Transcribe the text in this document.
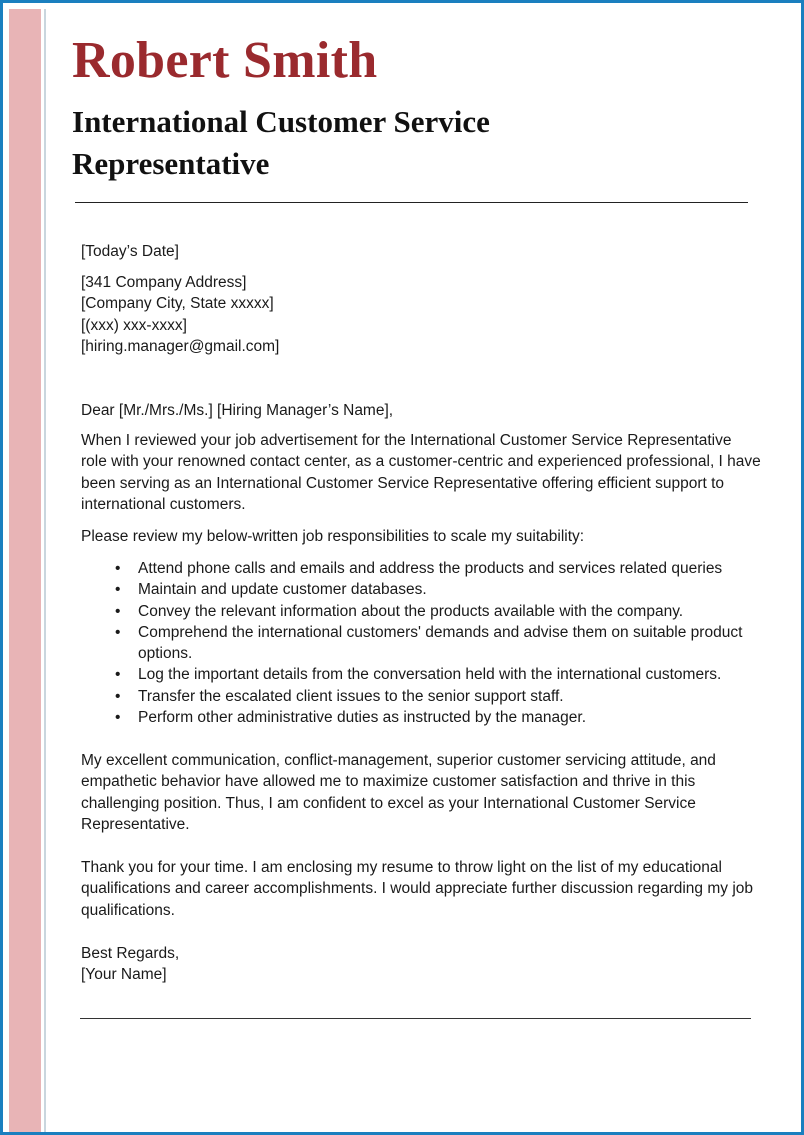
Robert Smith
International Customer Service Representative
[Today’s Date]

[341 Company Address]

[Company City, State xxxxx]

[(xxx) xxx-xxxx]

[hiring.manager@gmail.com]

Dear [Mr./Mrs./Ms.] [Hiring Manager’s Name],
When I reviewed your job advertisement for the International Customer Service Representative role with your renowned contact center, as a customer-centric and experienced professional, I have been serving as an International Customer Service Representative offering efficient support to international customers.
Please review my below-written job responsibilities to scale my suitability:
• Attend phone calls and emails and address the products and services related queries
• Maintain and update customer databases.
• Convey the relevant information about the products available with the company.
• Comprehend the international customers' demands and advise them on suitable product options.
• Log the important details from the conversation held with the international customers.
• Transfer the escalated client issues to the senior support staff.
• Perform other administrative duties as instructed by the manager.
My excellent communication, conflict-management, superior customer servicing attitude, and empathetic behavior have allowed me to maximize customer satisfaction and thrive in this challenging position. Thus, I am confident to excel as your International Customer Service Representative.
Thank you for your time. I am enclosing my resume to throw light on the list of my educational qualifications and career accomplishments. I would appreciate further discussion regarding my job qualifications.

Best Regards,

[Your Name]
